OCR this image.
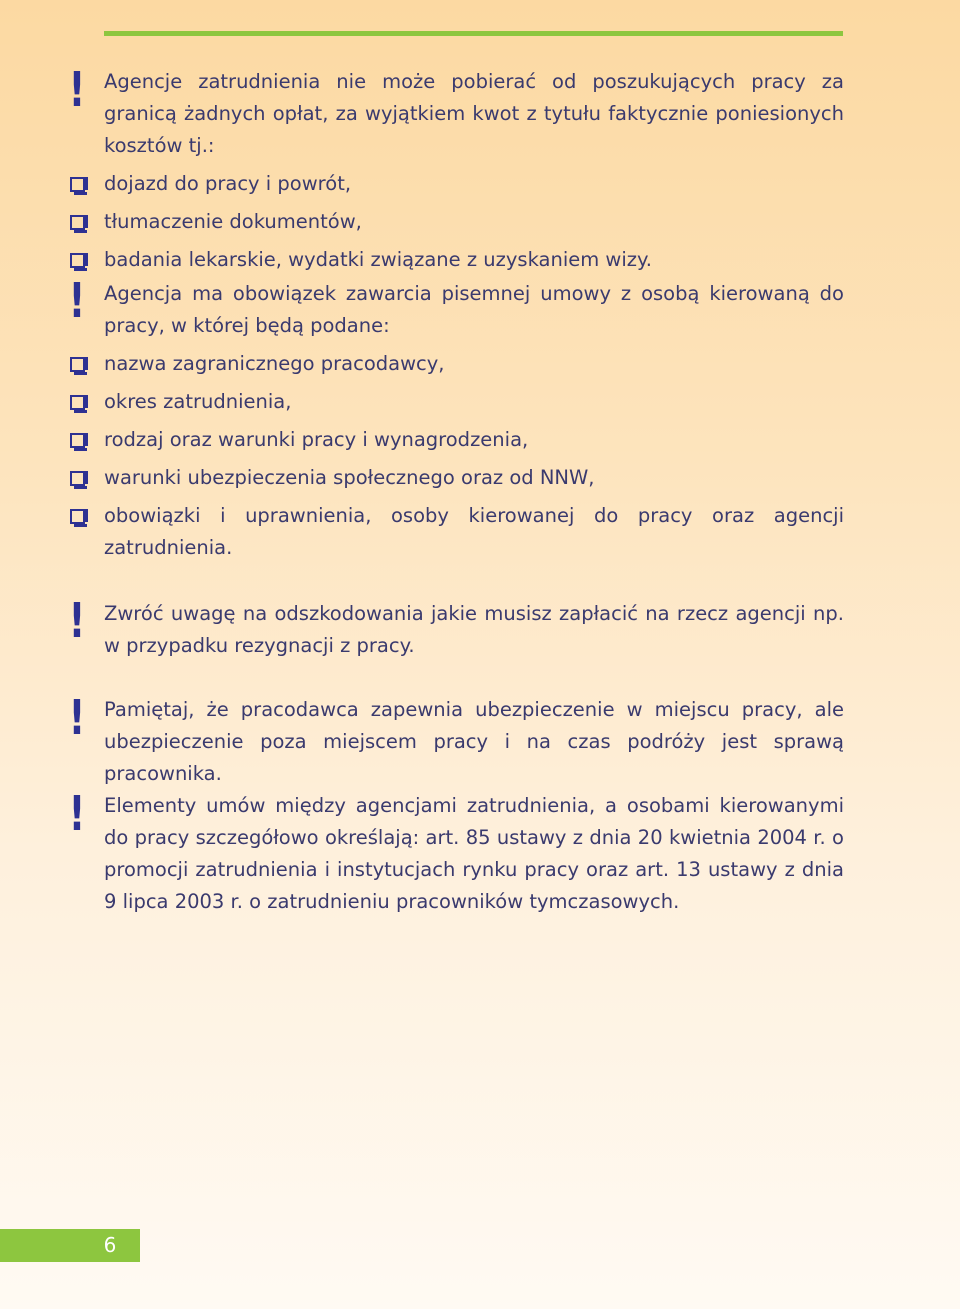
! Agencje zatrudnienia nie może pobierać od poszukujących pracy za granicą żadnych opłat, za wyjątkiem kwot z tytułu faktycznie poniesionych kosztów tj.:

dojazd do pracy i powrót,
tłumaczenie dokumentów,
badania lekarskie, wydatki związane z uzyskaniem wizy.
! Agencja ma obowiązek zawarcia pisemnej umowy z osobą kierowaną do pracy, w której będą podane:

nazwa zagranicznego pracodawcy,
okres zatrudnienia,
rodzaj oraz warunki pracy i wynagrodzenia,
warunki ubezpieczenia społecznego oraz od NNW,
obowiązki i uprawnienia, osoby kierowanej do pracy oraz agencji zatrudnienia.
! Zwróć uwagę na odszkodowania jakie musisz zapłacić na rzecz agencji np. w przypadku rezygnacji z pracy.

! Pamiętaj, że pracodawca zapewnia ubezpieczenie w miejscu pracy, ale ubezpieczenie poza miejscem pracy i na czas podróży jest sprawą pracownika.

! Elementy umów między agencjami zatrudnienia, a osobami kierowanymi do pracy szczegółowo określają: art. 85 ustawy z dnia 20 kwietnia 2004 r. o promocji zatrudnienia i instytucjach rynku pracy oraz art. 13 ustawy z dnia 9 lipca 2003 r. o zatrudnieniu pracowników tymczasowych.

6
